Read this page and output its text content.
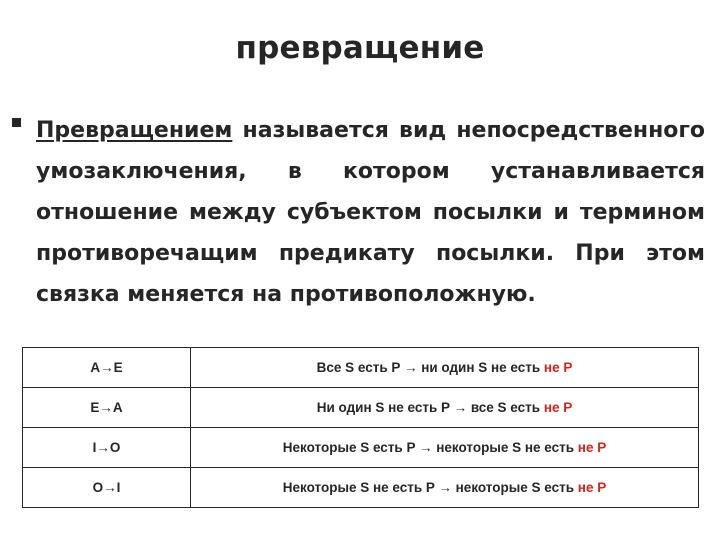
превращение
Превращением называется вид непосредственного умозаключения, в котором устанавливается отношение между субъектом посылки и термином противоречащим предикату посылки. При этом связка меняется на противоположную.
A→E	Все S есть P → ни один S не есть не Р
E→A	Ни один S не есть P → все S есть не Р
I→O	Некоторые S есть P → некоторые S не есть не Р
O→I	Некоторые S не есть P → некоторые S есть не Р
